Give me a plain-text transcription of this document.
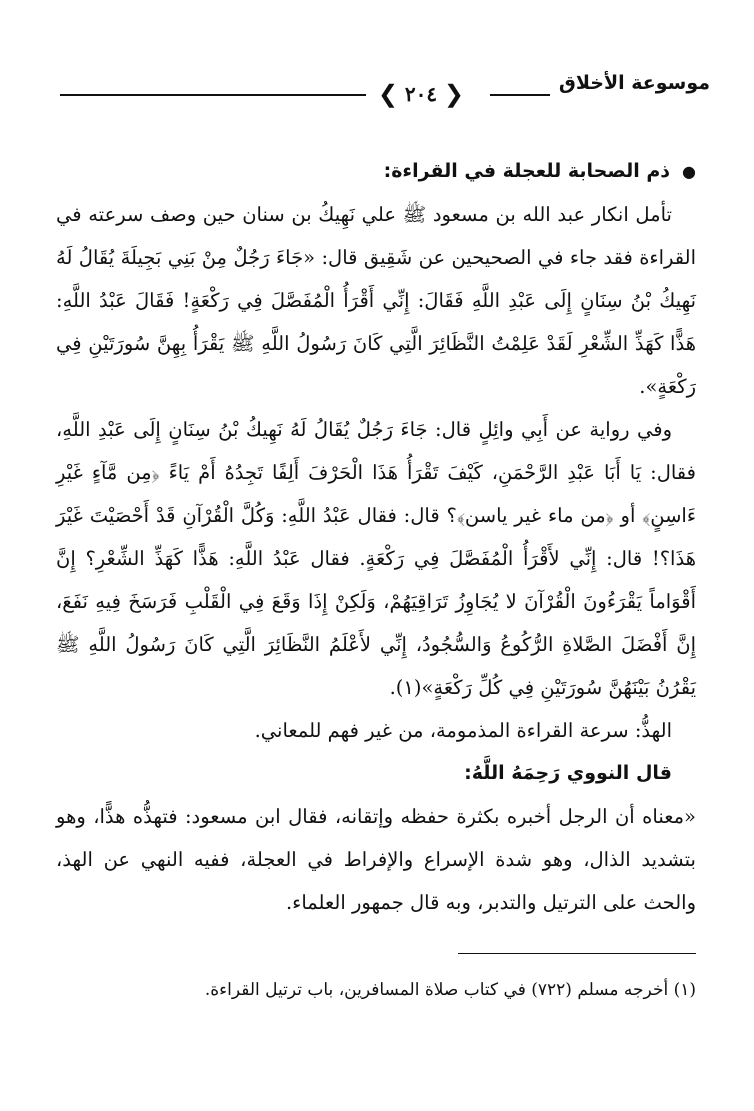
موسوعة الأخلاق
❮ ٢٠٤ ❯
●ذم الصحابة للعجلة في القراءة:

تأمل انكار عبد الله بن مسعود ﷺ علي نَهِيكُ بن سنان حين وصف سرعته في القراءة فقد جاء في الصحيحين عن شَقِيق قال: «جَاءَ رَجُلٌ مِنْ بَنِي بَجِيلَةَ يُقَالُ لَهُ نَهِيكُ بْنُ سِنَانٍ إِلَى عَبْدِ اللَّهِ فَقَالَ: إِنِّي أَقْرَأُ الْمُفَصَّلَ فِي رَكْعَةٍ! فَقَالَ عَبْدُ اللَّهِ: هَذًّا كَهَذِّ الشِّعْرِ لَقَدْ عَلِمْتُ النَّظَائِرَ الَّتِي كَانَ رَسُولُ اللَّهِ ﷺ يَقْرَأُ بِهِنَّ سُورَتَيْنِ فِي رَكْعَةٍ».

وفي رواية عن أَبِي وائِلٍ قال: جَاءَ رَجُلٌ يُقَالُ لَهُ نَهِيكُ بْنُ سِنَانٍ إِلَى عَبْدِ اللَّهِ، فقال: يَا أَبَا عَبْدِ الرَّحْمَنِ، كَيْفَ تَقْرَأُ هَذَا الْحَرْفَ أَلِفًا تَجِدُهُ أَمْ يَاءً ﴿مِن مَّآءٍ غَيْرِ ءَاسِنٍ﴾ أو ﴿من ماء غير ياسن﴾؟ قال: فقال عَبْدُ اللَّهِ: وَكُلَّ الْقُرْآنِ قَدْ أَحْصَيْتَ غَيْرَ هَذَا؟! قال: إِنِّي لأَقْرَأُ الْمُفَصَّلَ فِي رَكْعَةٍ. فقال عَبْدُ اللَّهِ: هَذًّا كَهَذِّ الشِّعْرِ؟ إِنَّ أَقْوَاماً يَقْرَءُونَ الْقُرْآنَ لا يُجَاوِزُ تَرَاقِيَهُمْ، وَلَكِنْ إِذَا وَقَعَ فِي الْقَلْبِ فَرَسَخَ فِيهِ نَفَعَ، إِنَّ أَفْضَلَ الصَّلاةِ الرُّكُوعُ وَالسُّجُودُ، إِنِّي لأَعْلَمُ النَّظَائِرَ الَّتِي كَانَ رَسُولُ اللَّهِ ﷺ يَقْرُنُ بَيْنَهُنَّ سُورَتَيْنِ فِي كُلِّ رَكْعَةٍ»(١).

الهذُّ: سرعة القراءة المذمومة، من غير فهم للمعاني.

قال النووي رَحِمَهُ اللَّهُ:

«معناه أن الرجل أخبره بكثرة حفظه وإتقانه، فقال ابن مسعود: فتهذُّه هذًّا، وهو بتشديد الذال، وهو شدة الإسراع والإفراط في العجلة، ففيه النهي عن الهذ، والحث على الترتيل والتدبر، وبه قال جمهور العلماء.

(١) أخرجه مسلم (٧٢٢) في كتاب صلاة المسافرين، باب ترتيل القراءة.
